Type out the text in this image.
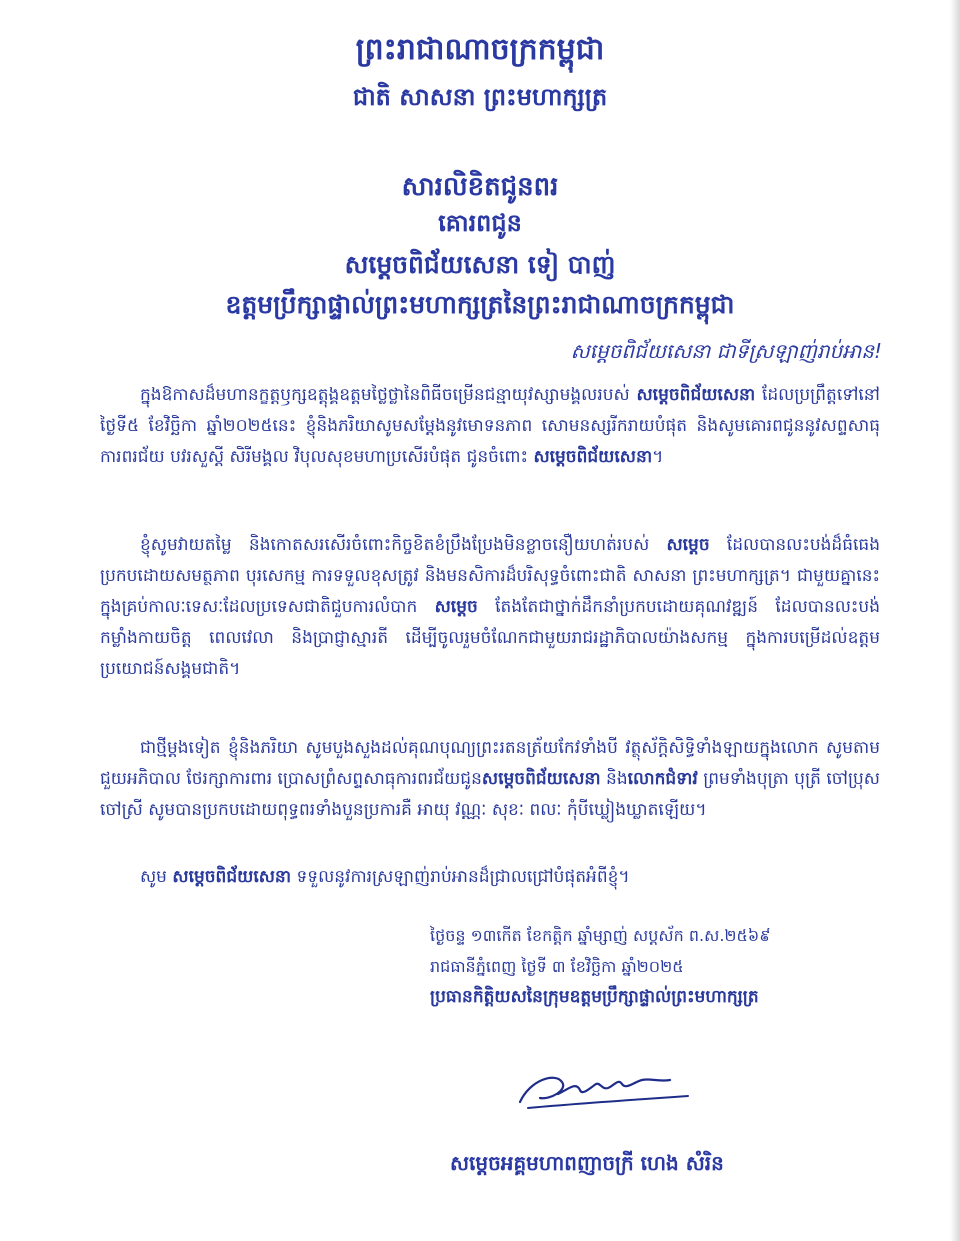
ព្រះរាជាណាចក្រកម្ពុជា
ជាតិ សាសនា ព្រះមហាក្សត្រ
សារលិខិតជូនពរ
គោរពជូន
សម្តេចពិជ័យសេនា ទៀ បាញ់
ឧត្តមប្រឹក្សាផ្ទាល់ព្រះមហាក្សត្រនៃព្រះរាជាណាចក្រកម្ពុជា
សម្តេចពិជ័យសេនា ជាទីស្រឡាញ់រាប់អាន!
ក្នុងឱកាសដ៏មហានក្ខត្តឫក្សឧត្តុង្គឧត្តមថ្លៃថ្លានៃពិធីចម្រើនជន្មាយុវស្សាមង្គលរបស់ សម្តេចពិជ័យសេនា ដែលប្រព្រឹត្តទៅនៅថ្ងៃទី៥ ខែវិច្ឆិកា ឆ្នាំ២០២៥នេះ ខ្ញុំនិងភរិយាសូមសម្តែងនូវមោទនភាព សោមនស្សរីករាយបំផុត និងសូមគោរពជូននូវសព្ទសាធុការពរជ័យ បវរសួស្តី សិរីមង្គល វិបុលសុខមហាប្រសើរបំផុត ជូនចំពោះ សម្តេចពិជ័យសេនា។
ខ្ញុំសូមវាយតម្លៃ និងកោតសរសើរចំពោះកិច្ចខិតខំប្រឹងប្រែងមិនខ្លាចនឿយហត់របស់ សម្តេច ដែលបានលះបង់ដ៏ធំធេង ប្រកបដោយសមត្ថភាព បុរសេកម្ម ការទទួលខុសត្រូវ និងមនសិការដ៏បរិសុទ្ធចំពោះជាតិ សាសនា ព្រះមហាក្សត្រ។ ជាមួយគ្នានេះ ក្នុងគ្រប់កាលៈទេសៈដែលប្រទេសជាតិជួបការលំបាក សម្តេច តែងតែជាថ្នាក់ដឹកនាំប្រកបដោយគុណវឌ្ឍន៍ ដែលបានលះបង់កម្លាំងកាយចិត្ត ពេលវេលា និងប្រាជ្ញាស្មារតី ដើម្បីចូលរួមចំណែកជាមួយរាជរដ្ឋាភិបាលយ៉ាងសកម្ម ក្នុងការបម្រើដល់ឧត្តមប្រយោជន៍សង្គមជាតិ។
ជាថ្មីម្តងទៀត ខ្ញុំនិងភរិយា សូមបួងសួងដល់គុណបុណ្យព្រះរតនត្រ័យកែវទាំងបី វត្ថុស័ក្តិសិទ្ធិទាំងឡាយក្នុងលោក សូមតាមជួយអភិបាល ថែរក្សាការពារ ប្រោសព្រំសព្ទសាធុការពរជ័យជូនសម្តេចពិជ័យសេនា និងលោកជំទាវ ព្រមទាំងបុត្រា បុត្រី ចៅប្រុស ចៅស្រី សូមបានប្រកបដោយពុទ្ធពរទាំងបួនប្រការគឺ អាយុ វណ្ណៈ សុខៈ ពលៈ កុំបីឃ្លៀងឃ្លាតឡើយ។
សូម សម្តេចពិជ័យសេនា ទទួលនូវការស្រឡាញ់រាប់អានដ៏ជ្រាលជ្រៅបំផុតអំពីខ្ញុំ។
ថ្ងៃចន្ទ ១៣កើត ខែកត្តិក ឆ្នាំម្សាញ់ សប្តស័ក ព.ស.២៥៦៩
រាជធានីភ្នំពេញ ថ្ងៃទី ៣ ខែវិច្ឆិកា ឆ្នាំ២០២៥
ប្រធានកិត្តិយសនៃក្រុមឧត្តមប្រឹក្សាផ្ទាល់ព្រះមហាក្សត្រ
សម្តេចអគ្គមហាពញាចក្រី ហេង សំរិន
